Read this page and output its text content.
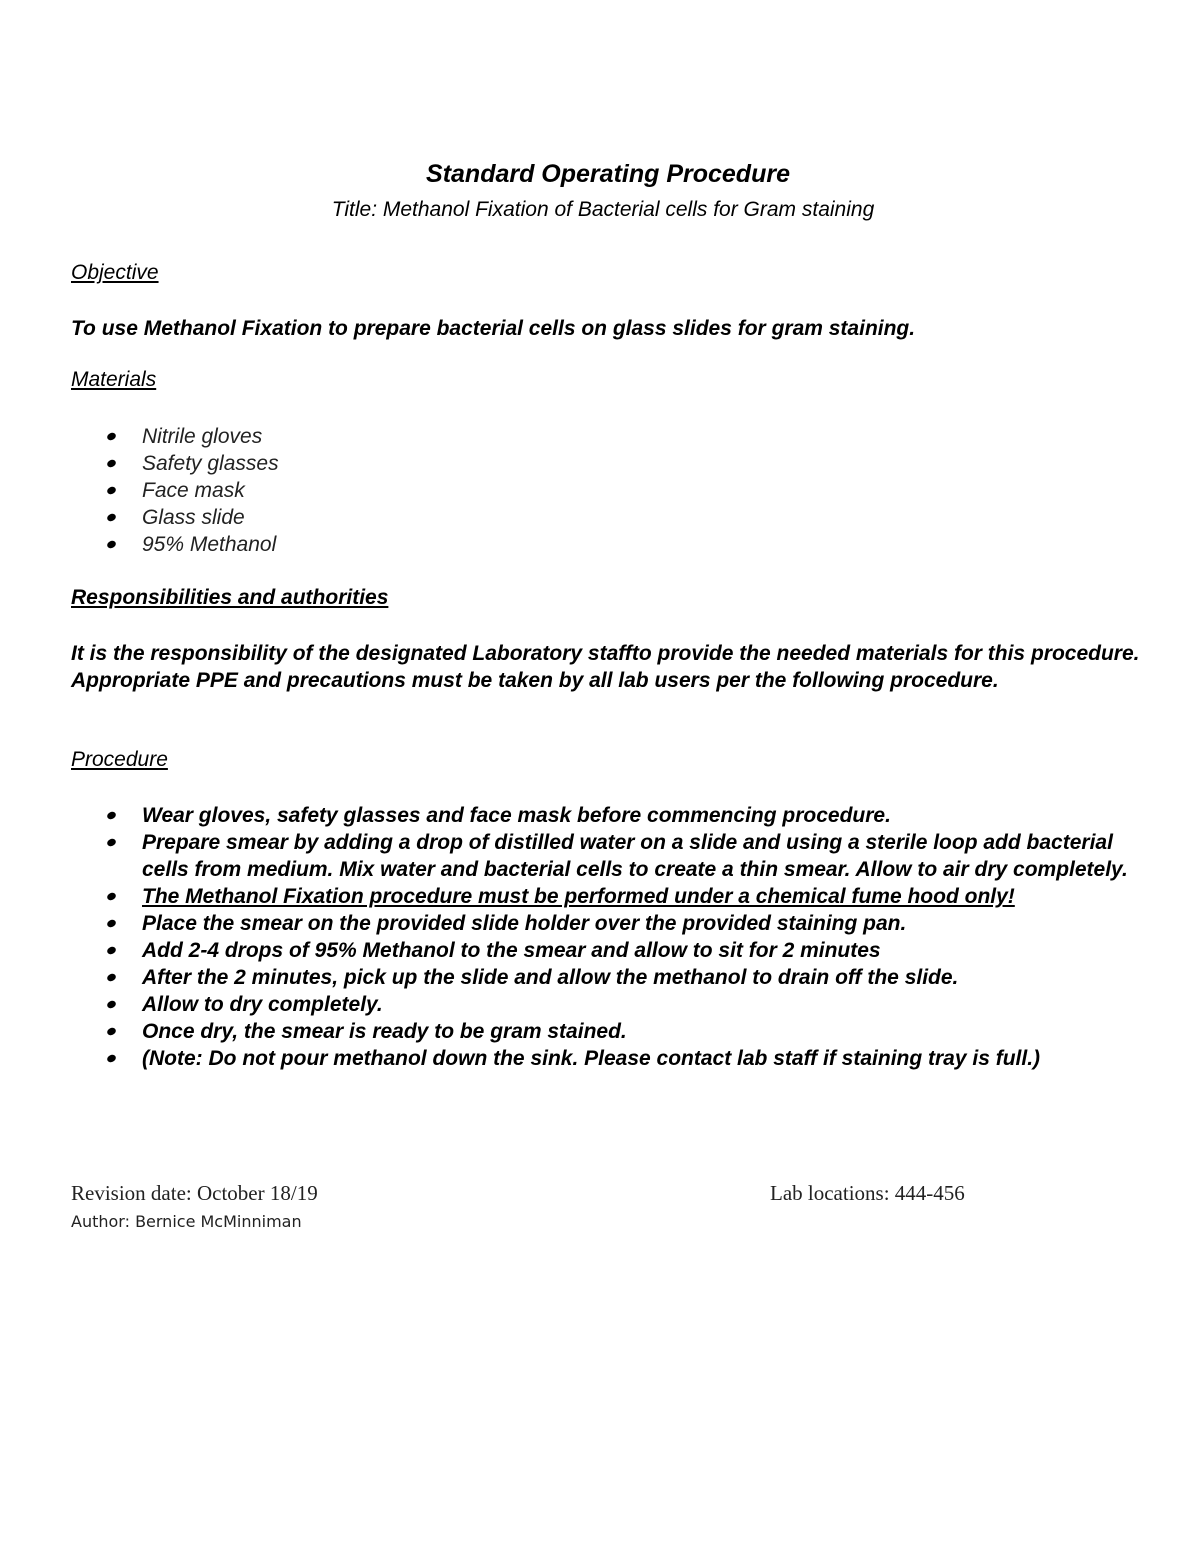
Standard Operating Procedure

Title: Methanol Fixation of Bacterial cells for Gram staining

Objective

To use Methanol Fixation to prepare bacterial cells on glass slides for gram staining.

Materials

Nitrile gloves
Safety glasses
Face mask
Glass slide
95% Methanol

Responsibilities and authorities

It is the responsibility of the designated Laboratory staffto provide the needed materials for this procedure. Appropriate PPE and precautions must be taken by all lab users per the following procedure.

Procedure

Wear gloves, safety glasses and face mask before commencing procedure.
Prepare smear by adding a drop of distilled water on a slide and using a sterile loop add bacterial cells from medium. Mix water and bacterial cells to create a thin smear. Allow to air dry completely.
The Methanol Fixation procedure must be performed under a chemical fume hood only!
Place the smear on the provided slide holder over the provided staining pan.
Add 2-4 drops of 95% Methanol to the smear and allow to sit for 2 minutes
After the 2 minutes, pick up the slide and allow the methanol to drain off the slide.
Allow to dry completely.
Once dry, the smear is ready to be gram stained.
(Note: Do not pour methanol down the sink. Please contact lab staff if staining tray is full.)

Revision date: October 18/19	Lab locations: 444-456

Author: Bernice McMinniman
